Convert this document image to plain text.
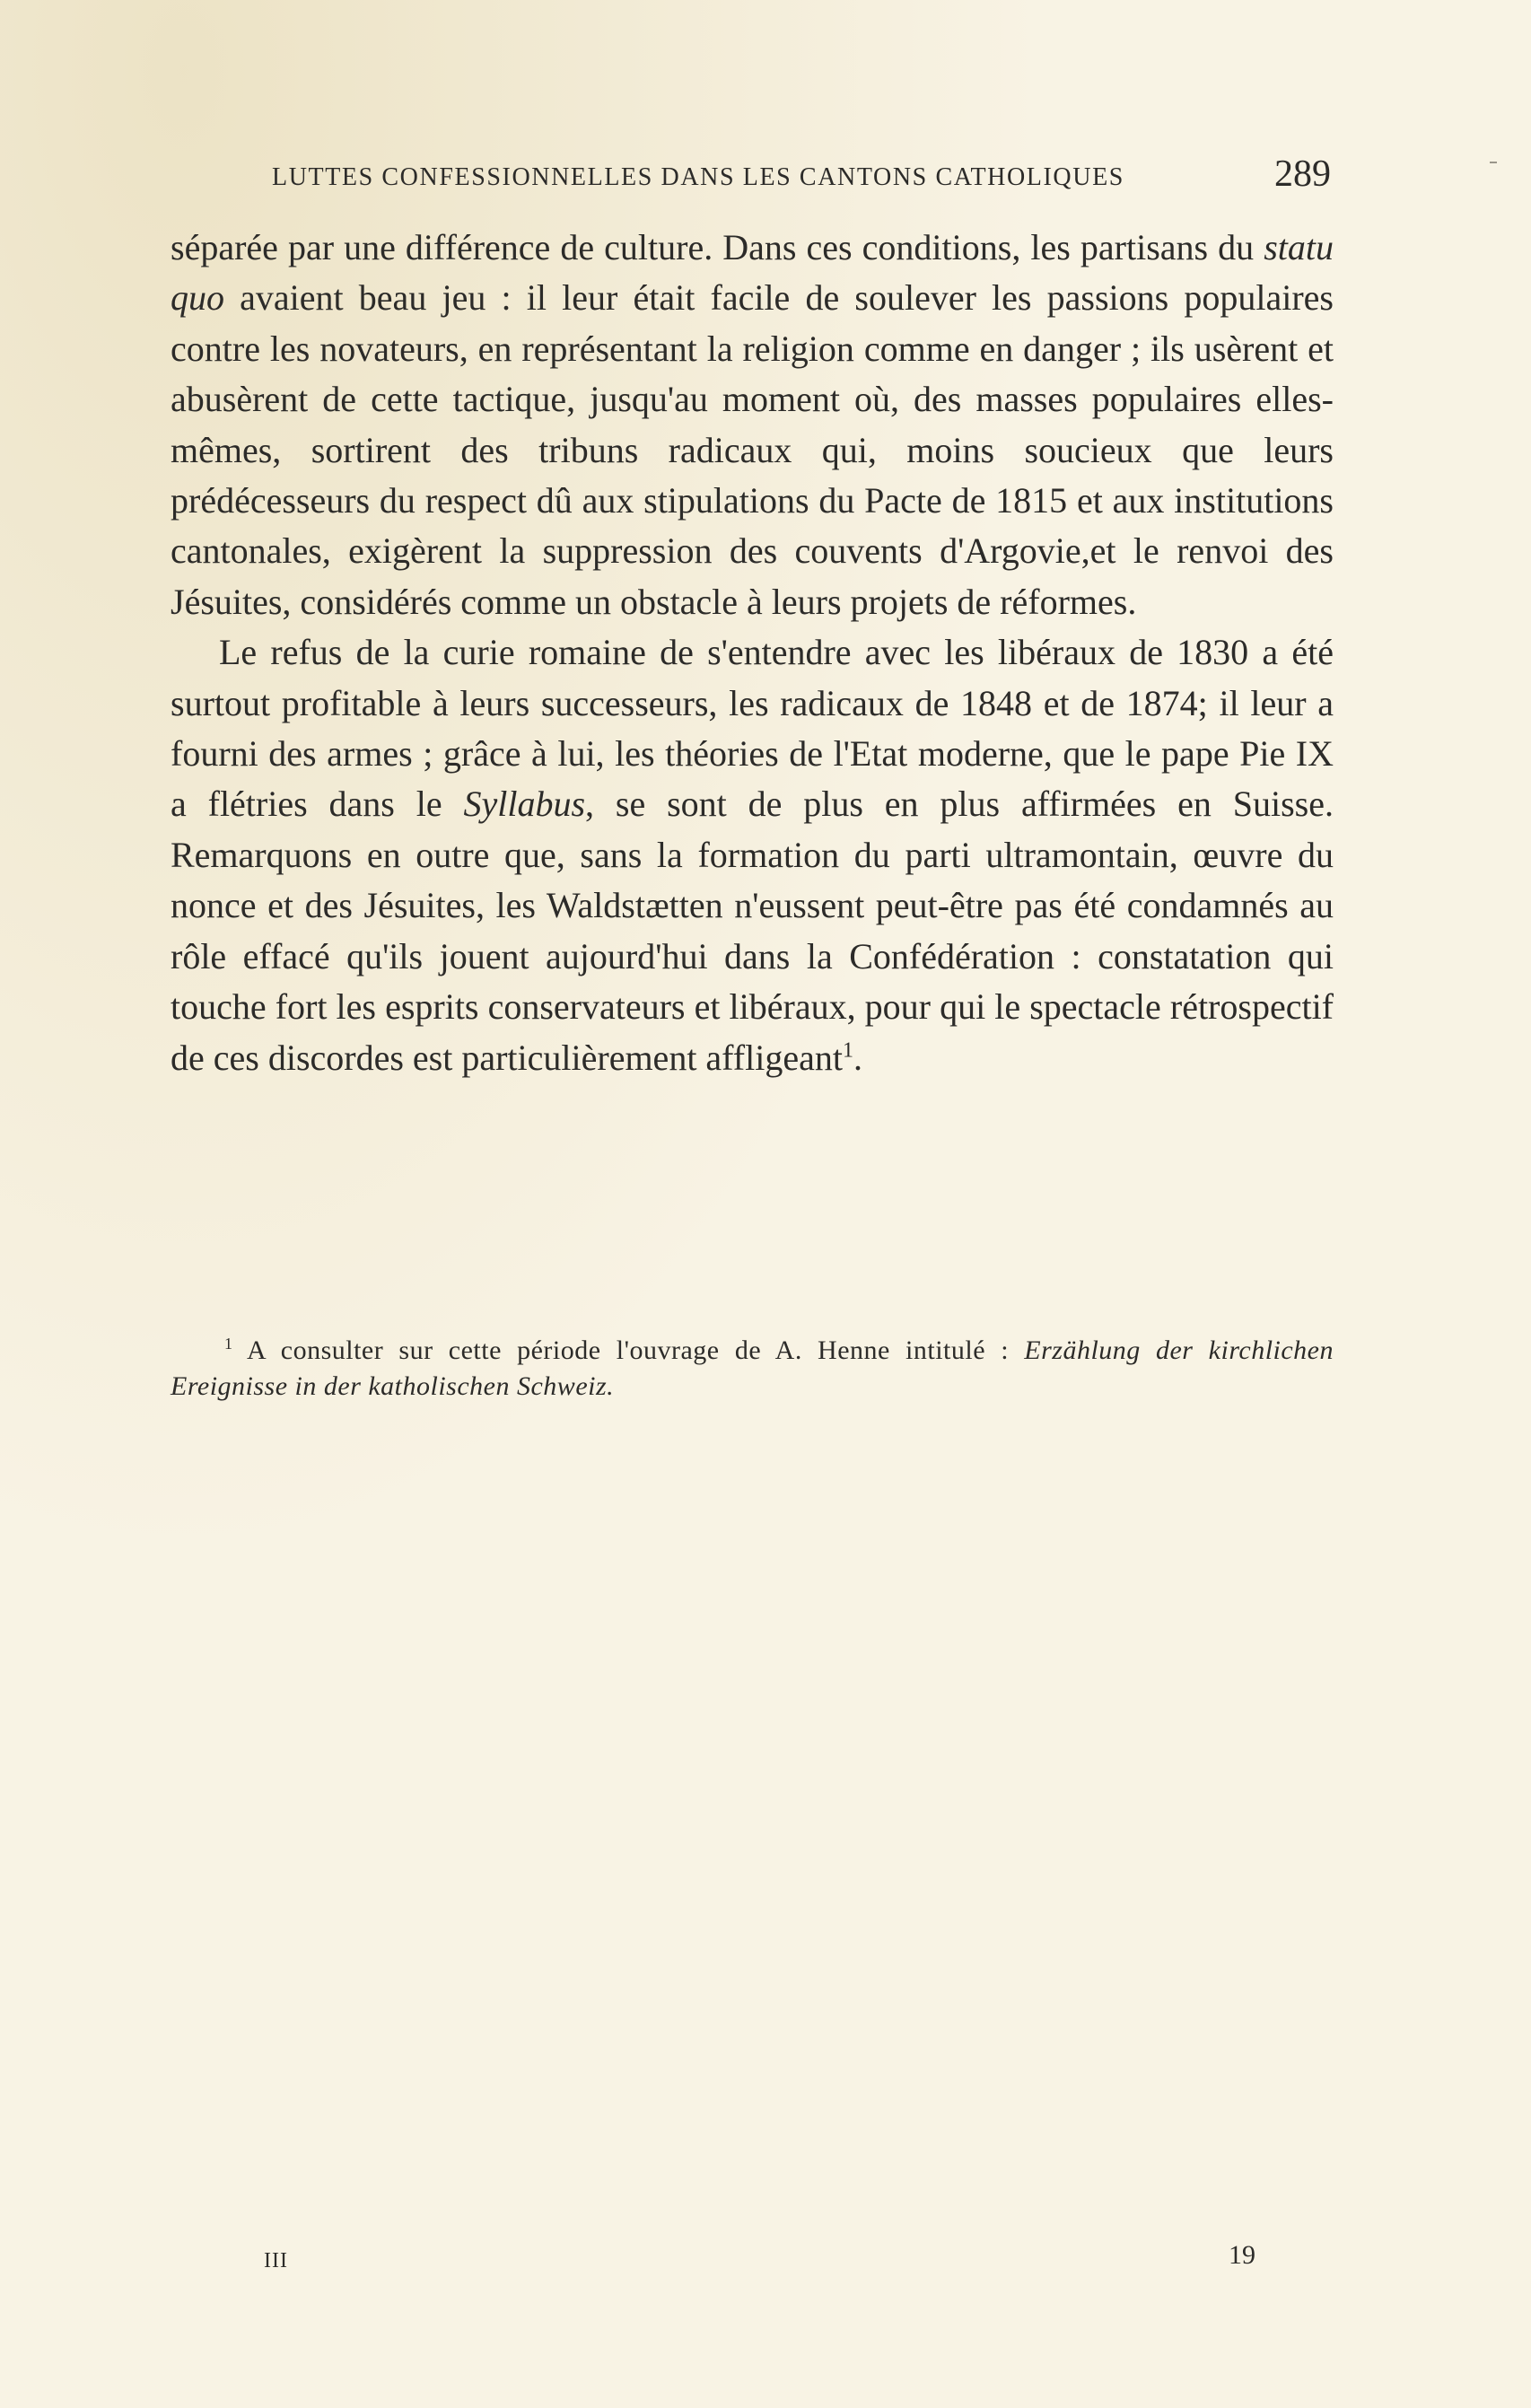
LUTTES CONFESSIONNELLES DANS LES CANTONS CATHOLIQUES	289

séparée par une différence de culture. Dans ces conditions, les partisans du statu quo avaient beau jeu : il leur était facile de soulever les passions populaires contre les novateurs, en représentant la religion comme en danger ; ils usèrent et abusèrent de cette tactique, jusqu'au moment où, des masses populaires elles-mêmes, sortirent des tribuns radicaux qui, moins soucieux que leurs prédécesseurs du respect dû aux stipulations du Pacte de 1815 et aux institutions cantonales, exigèrent la suppression des couvents d'Argovie,et le renvoi des Jésuites, considérés comme un obstacle à leurs projets de réformes.

Le refus de la curie romaine de s'entendre avec les libéraux de 1830 a été surtout profitable à leurs successeurs, les radicaux de 1848 et de 1874; il leur a fourni des armes ; grâce à lui, les théories de l'Etat moderne, que le pape Pie IX a flétries dans le Syllabus, se sont de plus en plus affirmées en Suisse. Remarquons en outre que, sans la formation du parti ultramontain, œuvre du nonce et des Jésuites, les Waldstætten n'eussent peut-être pas été condamnés au rôle effacé qu'ils jouent aujourd'hui dans la Confédération : constatation qui touche fort les esprits conservateurs et libéraux, pour qui le spectacle rétrospectif de ces discordes est particulièrement affligeant$^1$.

$^1$ A consulter sur cette période l'ouvrage de A. Henne intitulé : Erzählung der kirchlichen Ereignisse in der katholischen Schweiz.

III	19
